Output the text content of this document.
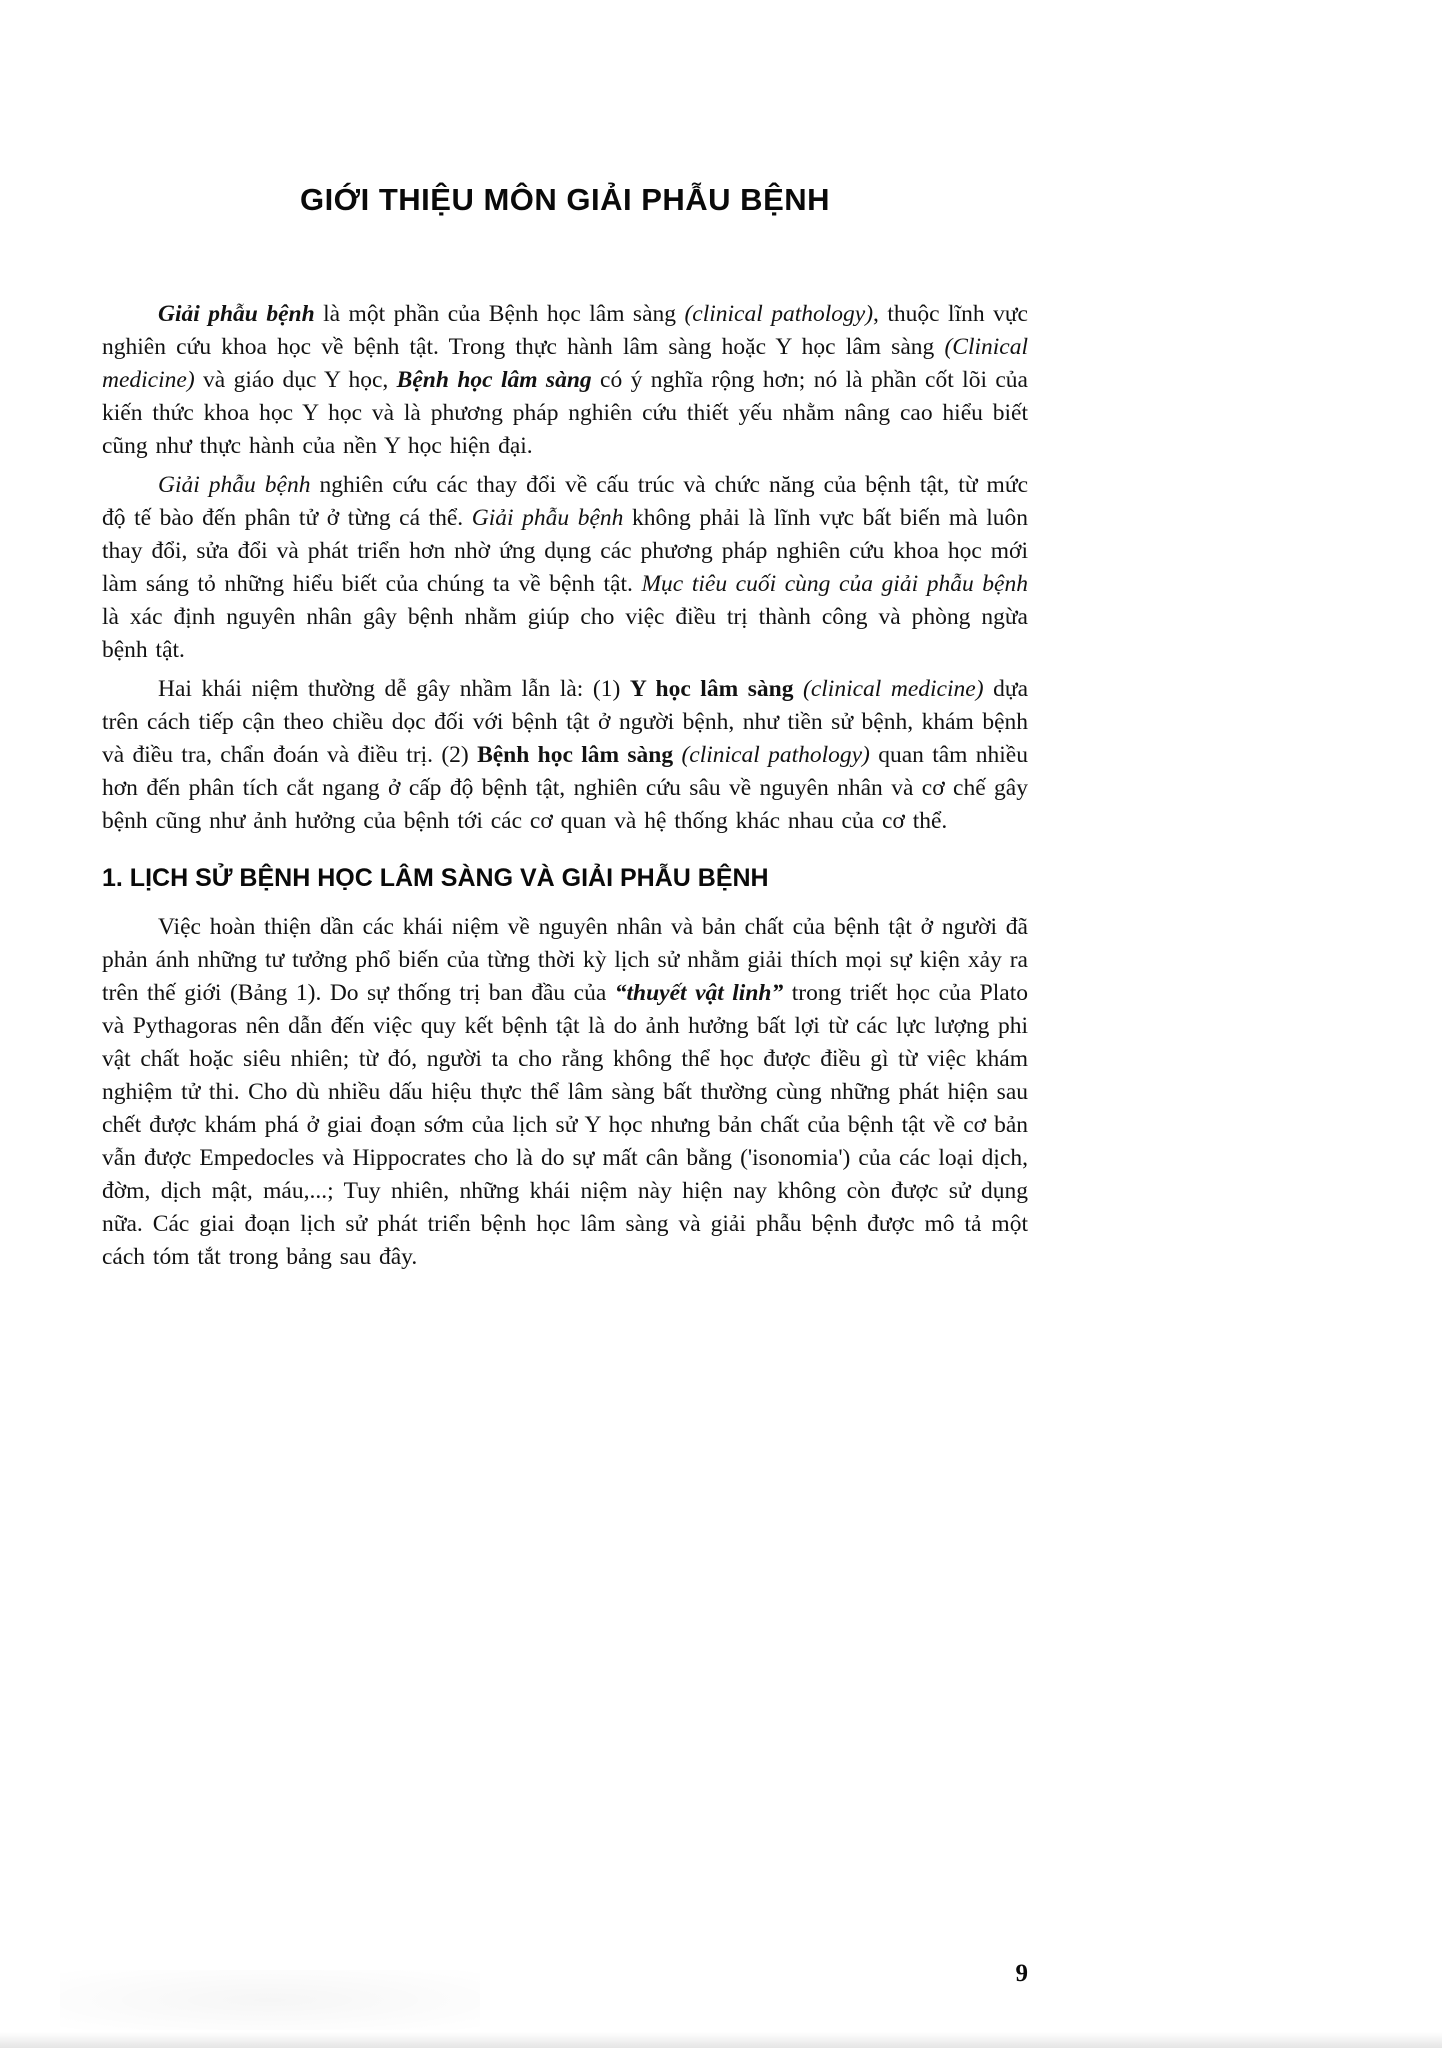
GIỚI THIỆU MÔN GIẢI PHẪU BỆNH

Giải phẫu bệnh là một phần của Bệnh học lâm sàng (clinical pathology), thuộc lĩnh vực nghiên cứu khoa học về bệnh tật. Trong thực hành lâm sàng hoặc Y học lâm sàng (Clinical medicine) và giáo dục Y học, Bệnh học lâm sàng có ý nghĩa rộng hơn; nó là phần cốt lõi của kiến thức khoa học Y học và là phương pháp nghiên cứu thiết yếu nhằm nâng cao hiểu biết cũng như thực hành của nền Y học hiện đại.

Giải phẫu bệnh nghiên cứu các thay đổi về cấu trúc và chức năng của bệnh tật, từ mức độ tế bào đến phân tử ở từng cá thể. Giải phẫu bệnh không phải là lĩnh vực bất biến mà luôn thay đổi, sửa đổi và phát triển hơn nhờ ứng dụng các phương pháp nghiên cứu khoa học mới làm sáng tỏ những hiểu biết của chúng ta về bệnh tật. Mục tiêu cuối cùng của giải phẫu bệnh là xác định nguyên nhân gây bệnh nhằm giúp cho việc điều trị thành công và phòng ngừa bệnh tật.

Hai khái niệm thường dễ gây nhầm lẫn là: (1) Y học lâm sàng (clinical medicine) dựa trên cách tiếp cận theo chiều dọc đối với bệnh tật ở người bệnh, như tiền sử bệnh, khám bệnh và điều tra, chẩn đoán và điều trị. (2) Bệnh học lâm sàng (clinical pathology) quan tâm nhiều hơn đến phân tích cắt ngang ở cấp độ bệnh tật, nghiên cứu sâu về nguyên nhân và cơ chế gây bệnh cũng như ảnh hưởng của bệnh tới các cơ quan và hệ thống khác nhau của cơ thể.

1. LỊCH SỬ BỆNH HỌC LÂM SÀNG VÀ GIẢI PHẪU BỆNH

Việc hoàn thiện dần các khái niệm về nguyên nhân và bản chất của bệnh tật ở người đã phản ánh những tư tưởng phổ biến của từng thời kỳ lịch sử nhằm giải thích mọi sự kiện xảy ra trên thế giới (Bảng 1). Do sự thống trị ban đầu của “thuyết vật linh” trong triết học của Plato và Pythagoras nên dẫn đến việc quy kết bệnh tật là do ảnh hưởng bất lợi từ các lực lượng phi vật chất hoặc siêu nhiên; từ đó, người ta cho rằng không thể học được điều gì từ việc khám nghiệm tử thi. Cho dù nhiều dấu hiệu thực thể lâm sàng bất thường cùng những phát hiện sau chết được khám phá ở giai đoạn sớm của lịch sử Y học nhưng bản chất của bệnh tật về cơ bản vẫn được Empedocles và Hippocrates cho là do sự mất cân bằng ('isonomia') của các loại dịch, đờm, dịch mật, máu,...; Tuy nhiên, những khái niệm này hiện nay không còn được sử dụng nữa. Các giai đoạn lịch sử phát triển bệnh học lâm sàng và giải phẫu bệnh được mô tả một cách tóm tắt trong bảng sau đây.

9
